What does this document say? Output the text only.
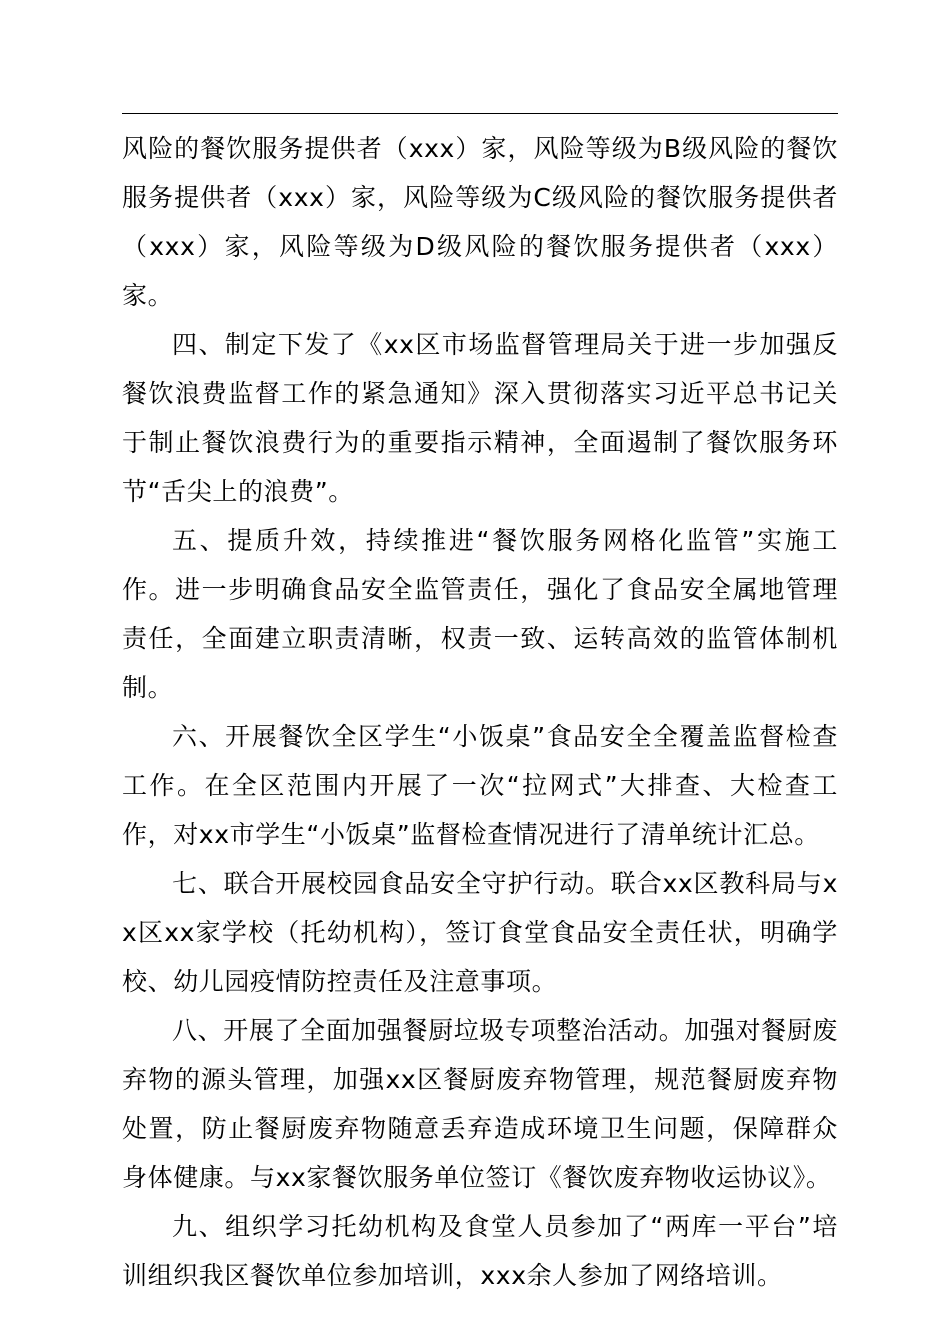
风险的餐饮服务提供者（xxx）家，风险等级为B级风险的餐饮服务提供者（xxx）家，风险等级为C级风险的餐饮服务提供者（xxx）家，风险等级为D级风险的餐饮服务提供者（xxx）家。

四、制定下发了《xx区市场监督管理局关于进一步加强反餐饮浪费监督工作的紧急通知》深入贯彻落实习近平总书记关于制止餐饮浪费行为的重要指示精神，全面遏制了餐饮服务环节“舌尖上的浪费”。

五、提质升效，持续推进“餐饮服务网格化监管”实施工作。进一步明确食品安全监管责任，强化了食品安全属地管理责任，全面建立职责清晰，权责一致、运转高效的监管体制机制。

六、开展餐饮全区学生“小饭桌”食品安全全覆盖监督检查工作。在全区范围内开展了一次“拉网式”大排查、大检查工作，对xx市学生“小饭桌”监督检查情况进行了清单统计汇总。

七、联合开展校园食品安全守护行动。联合xx区教科局与xx区xx家学校（托幼机构），签订食堂食品安全责任状，明确学校、幼儿园疫情防控责任及注意事项。

八、开展了全面加强餐厨垃圾专项整治活动。加强对餐厨废弃物的源头管理，加强xx区餐厨废弃物管理，规范餐厨废弃物处置，防止餐厨废弃物随意丢弃造成环境卫生问题，保障群众身体健康。与xx家餐饮服务单位签订《餐饮废弃物收运协议》。

九、组织学习托幼机构及食堂人员参加了“两库一平台”培训组织我区餐饮单位参加培训，xxx余人参加了网络培训。
